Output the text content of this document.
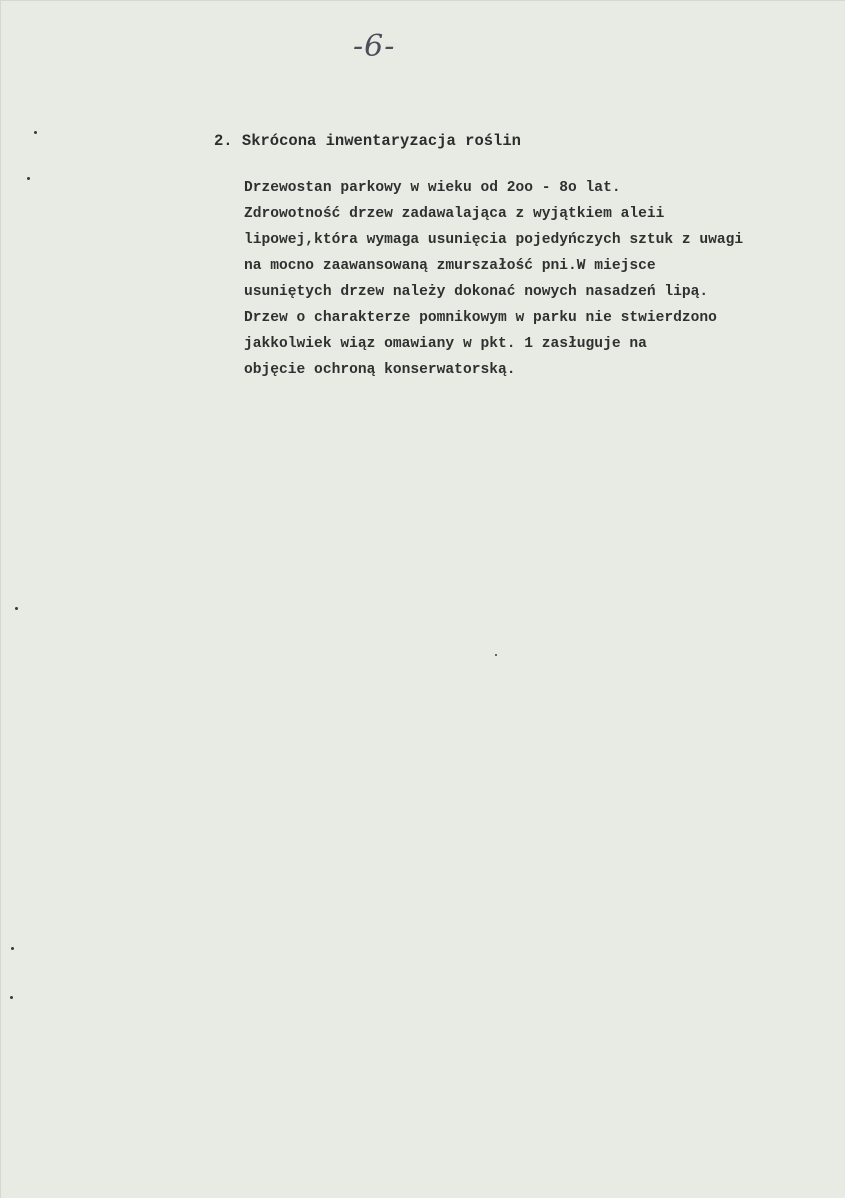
-6-
2. Skrócona inwentaryzacja roślin
Drzewostan parkowy w wieku od 2oo - 8o lat.
Zdrowotność drzew zadawalająca z wyjątkiem aleii
lipowej,która wymaga usunięcia pojedyńczych sztuk z uwagi
na mocno zaawansowaną zmurszałość pni.W miejsce
usuniętych drzew należy dokonać nowych nasadzeń lipą.
Drzew o charakterze pomnikowym w parku nie stwierdzono
jakkolwiek wiąz omawiany w pkt. 1 zasługuje na
objęcie ochroną konserwatorską.
